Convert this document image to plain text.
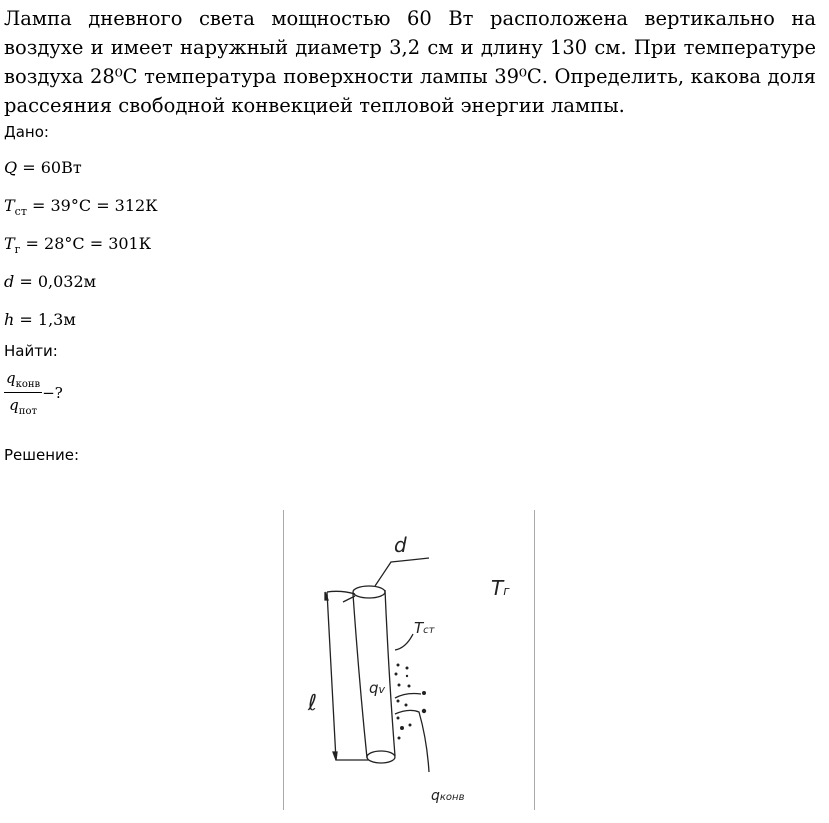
Лампа дневного света мощностью 60 Вт расположена вертикально на воздухе и имеет наружный диаметр 3,2 см и длину 130 см. При температуре воздуха 28⁰С температура поверхности лампы 39⁰С. Определить, какова доля рассеяния свободной конвекцией тепловой энергии лампы.

Дано:
Q = 60Вт
$T_{ст} = 39^\circ C = 312К$
$T_г = 28^\circ C = 301К$
d = 0,032м
h = 1,3м
Найти:
$\frac{q_{конв}}{q_{пот}}$ −?
Решение:
d
Tг
Tст
qv
ℓ
qконв
